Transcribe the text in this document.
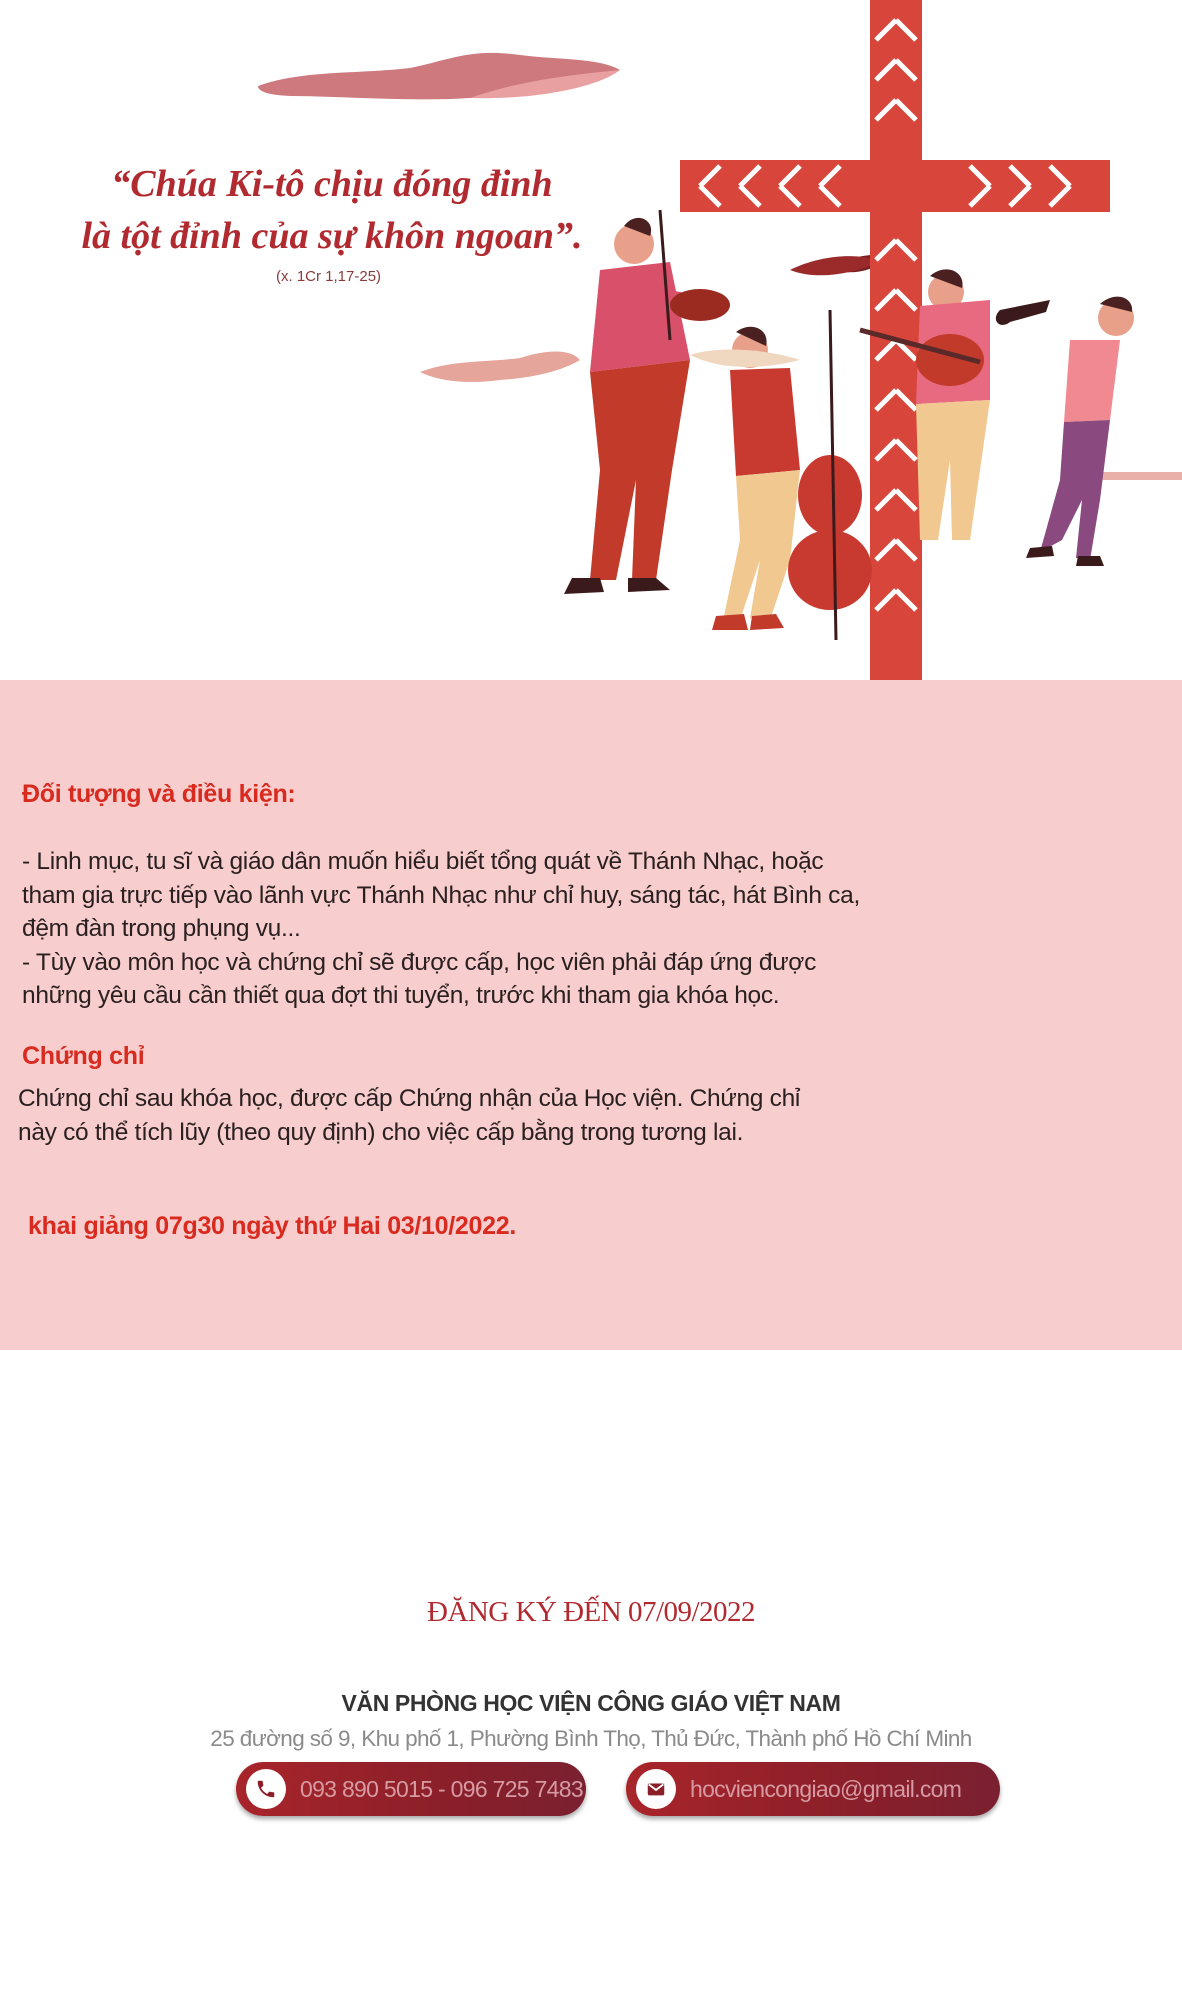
“Chúa Ki-tô chịu đóng đinh
là tột đỉnh của sự khôn ngoan”.
(x. 1Cr 1,17-25)
Đối tượng và điều kiện:
- Linh mục, tu sĩ và giáo dân muốn hiểu biết tổng quát về Thánh Nhạc, hoặc
tham gia trực tiếp vào lãnh vực Thánh Nhạc như chỉ huy, sáng tác, hát Bình ca,
đệm đàn trong phụng vụ...
- Tùy vào môn học và chứng chỉ sẽ được cấp, học viên phải đáp ứng được
những yêu cầu cần thiết qua đợt thi tuyển, trước khi tham gia khóa học.
Chứng chỉ
Chứng chỉ sau khóa học, được cấp Chứng nhận của Học viện. Chứng chỉ
này có thể tích lũy (theo quy định) cho việc cấp bằng trong tương lai.
khai giảng 07g30 ngày thứ Hai 03/10/2022.
ĐĂNG KÝ ĐẾN 07/09/2022
VĂN PHÒNG HỌC VIỆN CÔNG GIÁO VIỆT NAM
25 đường số 9, Khu phố 1, Phường Bình Thọ, Thủ Đức, Thành phố Hồ Chí Minh
093 890 5015 - 096 725 7483	hocviencongiao@gmail.com
